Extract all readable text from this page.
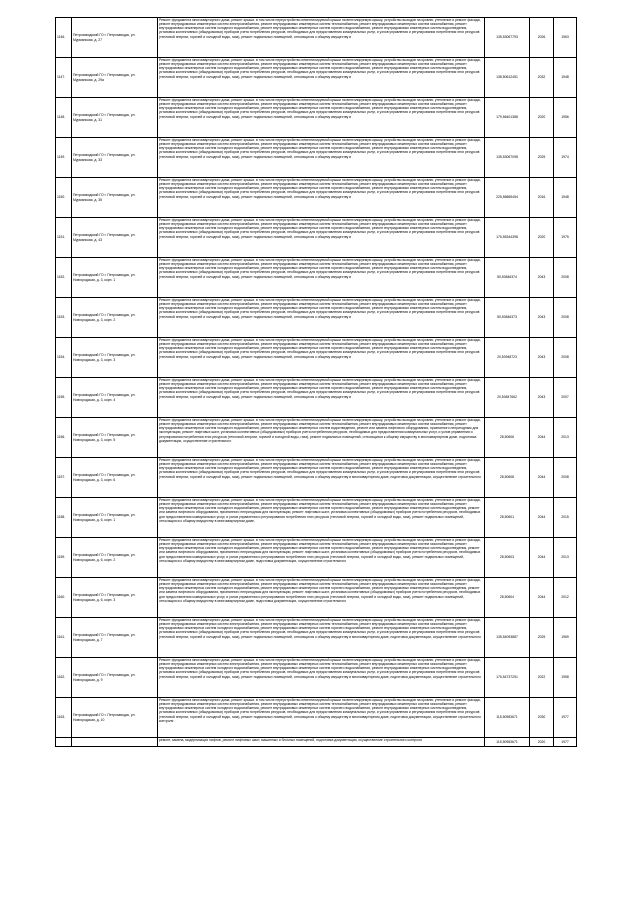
1146.	Петрозаводский ГО г. Петрозаводск, ул. Мурманская, д. 27	Ремонт фундамента многоквартирного дома, ремонт крыши, в том числе переустройство невентилируемой крыши на вентилируемую крышу, устройство выходов на кровлю, утепление и ремонт фасада, ремонт внутридомовых инженерных систем электроснабжения, ремонт внутридомовых инженерных систем теплоснабжения, ремонт внутридомовых инженерных систем газоснабжения, ремонт внутридомовых инженерных систем холодного водоснабжения, ремонт внутридомовых инженерных систем горячего водоснабжения, ремонт внутридомовых инженерных систем водоотведения, установка коллективных (общедомовых) приборов учета потребления ресурсов, необходимых для предоставления коммунальных услуг, и узлов управления и регулирования потребления этих ресурсов (тепловой энергии, горячей и холодной воды, газа), ремонт подвальных помещений, относящихся к общему имуществу в	135,53067793	2026	1963
1147.	Петрозаводский ГО г. Петрозаводск, ул. Мурманская, д. 29а	Ремонт фундамента многоквартирного дома, ремонт крыши, в том числе переустройство невентилируемой крыши на вентилируемую крышу, устройство выходов на кровлю, утепление и ремонт фасада, ремонт внутридомовых инженерных систем электроснабжения, ремонт внутридомовых инженерных систем теплоснабжения, ремонт внутридомовых инженерных систем газоснабжения, ремонт внутридомовых инженерных систем холодного водоснабжения, ремонт внутридомовых инженерных систем горячего водоснабжения, ремонт внутридомовых инженерных систем водоотведения, установка коллективных (общедомовых) приборов учета потребления ресурсов, необходимых для предоставления коммунальных услуг, и узлов управления и регулирования потребления этих ресурсов (тепловой энергии, горячей и холодной воды, газа), ремонт подвальных помещений, относящихся к общему имуществу в	138,50612451	2032	1948
1148.	Петрозаводский ГО г. Петрозаводск, ул. Мурманская, д. 31	Ремонт фундамента многоквартирного дома, ремонт крыши, в том числе переустройство невентилируемой крыши на вентилируемую крышу, устройство выходов на кровлю, утепление и ремонт фасада, ремонт внутридомовых инженерных систем электроснабжения, ремонт внутридомовых инженерных систем теплоснабжения, ремонт внутридомовых инженерных систем газоснабжения, ремонт внутридомовых инженерных систем холодного водоснабжения, ремонт внутридомовых инженерных систем горячего водоснабжения, ремонт внутридомовых инженерных систем водоотведения, установка коллективных (общедомовых) приборов учета потребления ресурсов, необходимых для предоставления коммунальных услуг, и узлов управления и регулирования потребления этих ресурсов (тепловой энергии, горячей и холодной воды, газа), ремонт подвальных помещений, относящихся к общему имуществу в	179,56401388	2020	1956
1149.	Петрозаводский ГО г. Петрозаводск, ул. Мурманская, д. 33	Ремонт фундамента многоквартирного дома, ремонт крыши, в том числе переустройство невентилируемой крыши на вентилируемую крышу, устройство выходов на кровлю, утепление и ремонт фасада, ремонт внутридомовых инженерных систем электроснабжения, ремонт внутридомовых инженерных систем теплоснабжения, ремонт внутридомовых инженерных систем газоснабжения, ремонт внутридомовых инженерных систем холодного водоснабжения, ремонт внутридомовых инженерных систем горячего водоснабжения, ремонт внутридомовых инженерных систем водоотведения, установка коллективных (общедомовых) приборов учета потребления ресурсов, необходимых для предоставления коммунальных услуг, и узлов управления и регулирования потребления этих ресурсов (тепловой энергии, горячей и холодной воды, газа), ремонт подвальных помещений, относящихся к общему имуществу в	135,53067098	2025	1974
1150.	Петрозаводский ГО г. Петрозаводск, ул. Мурманская, д. 35	Ремонт фундамента многоквартирного дома, ремонт крыши, в том числе переустройство невентилируемой крыши на вентилируемую крышу, устройство выходов на кровлю, утепление и ремонт фасада, ремонт внутридомовых инженерных систем электроснабжения, ремонт внутридомовых инженерных систем теплоснабжения, ремонт внутридомовых инженерных систем газоснабжения, ремонт внутридомовых инженерных систем холодного водоснабжения, ремонт внутридомовых инженерных систем горячего водоснабжения, ремонт внутридомовых инженерных систем водоотведения, установка коллективных (общедомовых) приборов учета потребления ресурсов, необходимых для предоставления коммунальных услуг, и узлов управления и регулирования потребления этих ресурсов (тепловой энергии, горячей и холодной воды, газа), ремонт подвальных помещений, относящихся к общему имуществу в	225,56869454	2016	1948
1151.	Петрозаводский ГО г. Петрозаводск, ул. Мурманская, д. 43	Ремонт фундамента многоквартирного дома, ремонт крыши, в том числе переустройство невентилируемой крыши на вентилируемую крышу, устройство выходов на кровлю, утепление и ремонт фасада, ремонт внутридомовых инженерных систем электроснабжения, ремонт внутридомовых инженерных систем теплоснабжения, ремонт внутридомовых инженерных систем газоснабжения, ремонт внутридомовых инженерных систем холодного водоснабжения, ремонт внутридомовых инженерных систем горячего водоснабжения, ремонт внутридомовых инженерных систем водоотведения, установка коллективных (общедомовых) приборов учета потребления ресурсов, необходимых для предоставления коммунальных услуг, и узлов управления и регулирования потребления этих ресурсов (тепловой энергии, горячей и холодной воды, газа), ремонт подвальных помещений, относящихся к общему имуществу в	175,55344398	2020	1975
1152.	Петрозаводский ГО г. Петрозаводск, ул. Новгородская, д. 3, корп. 1	Ремонт фундамента многоквартирного дома, ремонт крыши, в том числе переустройство невентилируемой крыши на вентилируемую крышу, устройство выходов на кровлю, утепление и ремонт фасада, ремонт внутридомовых инженерных систем электроснабжения, ремонт внутридомовых инженерных систем теплоснабжения, ремонт внутридомовых инженерных систем газоснабжения, ремонт внутридомовых инженерных систем холодного водоснабжения, ремонт внутридомовых инженерных систем горячего водоснабжения, ремонт внутридомовых инженерных систем водоотведения, установка коллективных (общедомовых) приборов учета потребления ресурсов, необходимых для предоставления коммунальных услуг, и узлов управления и регулирования потребления этих ресурсов (тепловой энергии, горячей и холодной воды, газа), ремонт подвальных помещений, относящихся к общему имуществу в	50,50846374	2043	2008
1153.	Петрозаводский ГО г. Петрозаводск, ул. Новгородская, д. 3, корп. 2	Ремонт фундамента многоквартирного дома, ремонт крыши, в том числе переустройство невентилируемой крыши на вентилируемую крышу, устройство выходов на кровлю, утепление и ремонт фасада, ремонт внутридомовых инженерных систем электроснабжения, ремонт внутридомовых инженерных систем теплоснабжения, ремонт внутридомовых инженерных систем газоснабжения, ремонт внутридомовых инженерных систем холодного водоснабжения, ремонт внутридомовых инженерных систем горячего водоснабжения, ремонт внутридомовых инженерных систем водоотведения, установка коллективных (общедомовых) приборов учета потребления ресурсов, необходимых для предоставления коммунальных услуг, и узлов управления и регулирования потребления этих ресурсов (тепловой энергии, горячей и холодной воды, газа), ремонт подвальных помещений, относящихся к общему имуществу в	50,50846373	2043	2008
1154.	Петрозаводский ГО г. Петрозаводск, ул. Новгородская, д. 3, корп. 3	Ремонт фундамента многоквартирного дома, ремонт крыши, в том числе переустройство невентилируемой крыши на вентилируемую крышу, устройство выходов на кровлю, утепление и ремонт фасада, ремонт внутридомовых инженерных систем электроснабжения, ремонт внутридомовых инженерных систем теплоснабжения, ремонт внутридомовых инженерных систем газоснабжения, ремонт внутридомовых инженерных систем холодного водоснабжения, ремонт внутридомовых инженерных систем горячего водоснабжения, ремонт внутридомовых инженерных систем водоотведения, установка коллективных (общедомовых) приборов учета потребления ресурсов, необходимых для предоставления коммунальных услуг, и узлов управления и регулирования потребления этих ресурсов (тепловой энергии, горячей и холодной воды, газа), ремонт подвальных помещений, относящихся к общему имуществу в	20,50948723	2043	2008
1155.	Петрозаводский ГО г. Петрозаводск, ул. Новгородская, д. 3, корп. 4	Ремонт фундамента многоквартирного дома, ремонт крыши, в том числе переустройство невентилируемой крыши на вентилируемую крышу, устройство выходов на кровлю, утепление и ремонт фасада, ремонт внутридомовых инженерных систем электроснабжения, ремонт внутридомовых инженерных систем теплоснабжения, ремонт внутридомовых инженерных систем газоснабжения, ремонт внутридомовых инженерных систем холодного водоснабжения, ремонт внутридомовых инженерных систем горячего водоснабжения, ремонт внутридомовых инженерных систем водоотведения, установка коллективных (общедомовых) приборов учета потребления ресурсов, необходимых для предоставления коммунальных услуг, и узлов управления и регулирования потребления этих ресурсов (тепловой энергии, горячей и холодной воды, газа), ремонт подвальных помещений, относящихся к общему имуществу в	20,50847662	2043	2007
1156.	Петрозаводский ГО г. Петрозаводск, ул. Новгородская, д. 3, корп. 5	Ремонт фундамента многоквартирного дома, ремонт крыши, в том числе переустройство невентилируемой крыши на вентилируемую крышу, устройство выходов на кровлю, утепление и ремонт фасада, ремонт внутридомовых инженерных систем электроснабжения, ремонт внутридомовых инженерных систем теплоснабжения, ремонт внутридомовых инженерных систем газоснабжения, ремонт внутридомовых инженерных систем холодного водоснабжения, ремонт внутридомовых инженерных систем водоотведения, ремонт или замена лифтового оборудования, признанного непригодным для эксплуатации, ремонт лифтовых шахт, установка коллективных (общедомовых) приборов учета потребления ресурсов, необходимых для предоставления коммунальных услуг, и узлов управления и регулирования потребления этих ресурсов (тепловой энергии, горячей и холодной воды, газа), ремонт подвальных помещений, относящихся к общему имуществу в многоквартирном доме, подготовка документации, осуществление строительного	28,50606	2044	2013
1157.	Петрозаводский ГО г. Петрозаводск, ул. Новгородская, д. 3, корп. 6	Ремонт фундамента многоквартирного дома, ремонт крыши, в том числе переустройство невентилируемой крыши на вентилируемую крышу, устройство выходов на кровлю, утепление и ремонт фасада, ремонт внутридомовых инженерных систем электроснабжения, ремонт внутридомовых инженерных систем теплоснабжения, ремонт внутридомовых инженерных систем газоснабжения, ремонт внутридомовых инженерных систем холодного водоснабжения, ремонт внутридомовых инженерных систем горячего водоснабжения, ремонт внутридомовых инженерных систем водоотведения, установка коллективных (общедомовых) приборов учета потребления ресурсов, необходимых для предоставления коммунальных услуг, и узлов управления и регулирования потребления этих ресурсов (тепловой энергии, горячей и холодной воды, газа), ремонт подвальных помещений, относящихся к общему имуществу в многоквартирном доме, подготовка документации, осуществление строительного	28,50608	2044	2008
1158.	Петрозаводский ГО г. Петрозаводск, ул. Новгородская, д. 6, корп. 1	Ремонт фундамента многоквартирного дома, ремонт крыши, в том числе переустройство невентилируемой крыши на вентилируемую крышу, устройство выходов на кровлю, утепление и ремонт фасада, ремонт внутридомовых инженерных систем электроснабжения, ремонт внутридомовых инженерных систем теплоснабжения, ремонт внутридомовых инженерных систем газоснабжения, ремонт внутридомовых инженерных систем холодного водоснабжения, ремонт внутридомовых инженерных систем горячего водоснабжения, ремонт внутридомовых инженерных систем водоотведения, ремонт или замена лифтового оборудования, признанного непригодным для эксплуатации, ремонт лифтовых шахт, установка коллективных (общедомовых) приборов учета потребления ресурсов, необходимых для предоставления коммунальных услуг, и узлов управления и регулирования потребления этих ресурсов (тепловой энергии, горячей и холодной воды, газа), ремонт подвальных помещений, относящихся к общему имуществу в многоквартирном доме,	28,50601	2044	2015
1159.	Петрозаводский ГО г. Петрозаводск, ул. Новгородская, д. 6, корп. 2	Ремонт фундамента многоквартирного дома, ремонт крыши, в том числе переустройство невентилируемой крыши на вентилируемую крышу, устройство выходов на кровлю, утепление и ремонт фасада, ремонт внутридомовых инженерных систем электроснабжения, ремонт внутридомовых инженерных систем теплоснабжения, ремонт внутридомовых инженерных систем газоснабжения, ремонт внутридомовых инженерных систем холодного водоснабжения, ремонт внутридомовых инженерных систем горячего водоснабжения, ремонт внутридомовых инженерных систем водоотведения, ремонт или замена лифтового оборудования, признанного непригодным для эксплуатации, ремонт лифтовых шахт, установка коллективных (общедомовых) приборов учета потребления ресурсов, необходимых для предоставления коммунальных услуг, и узлов управления и регулирования потребления этих ресурсов (тепловой энергии, горячей и холодной воды, газа), ремонт подвальных помещений, относящихся к общему имуществу в многоквартирном доме, подготовка документации, осуществление строительного	28,50603	2044	2013
1160.	Петрозаводский ГО г. Петрозаводск, ул. Новгородская, д. 6, корп. 3	Ремонт фундамента многоквартирного дома, ремонт крыши, в том числе переустройство невентилируемой крыши на вентилируемую крышу, устройство выходов на кровлю, утепление и ремонт фасада, ремонт внутридомовых инженерных систем электроснабжения, ремонт внутридомовых инженерных систем теплоснабжения, ремонт внутридомовых инженерных систем газоснабжения, ремонт внутридомовых инженерных систем холодного водоснабжения, ремонт внутридомовых инженерных систем горячего водоснабжения, ремонт внутридомовых инженерных систем водоотведения, ремонт или замена лифтового оборудования, признанного непригодным для эксплуатации, ремонт лифтовых шахт, установка коллективных (общедомовых) приборов учета потребления ресурсов, необходимых для предоставления коммунальных услуг, и узлов управления и регулирования потребления этих ресурсов (тепловой энергии, горячей и холодной воды, газа), ремонт подвальных помещений, относящихся к общему имуществу в многоквартирном доме, подготовка документации, осуществление строительного	28,50604	2044	2012
1161.	Петрозаводский ГО г. Петрозаводск, ул. Новгородская, д. 7	Ремонт фундамента многоквартирного дома, ремонт крыши, в том числе переустройство невентилируемой крыши на вентилируемую крышу, устройство выходов на кровлю, утепление и ремонт фасада, ремонт внутридомовых инженерных систем электроснабжения, ремонт внутридомовых инженерных систем теплоснабжения, ремонт внутридомовых инженерных систем газоснабжения, ремонт внутридомовых инженерных систем холодного водоснабжения, ремонт внутридомовых инженерных систем горячего водоснабжения, ремонт внутридомовых инженерных систем водоотведения, установка коллективных (общедомовых) приборов учета потребления ресурсов, необходимых для предоставления коммунальных услуг, и узлов управления и регулирования потребления этих ресурсов (тепловой энергии, горячей и холодной воды, газа), ремонт подвальных помещений, относящихся к общему имуществу в многоквартирном доме, подготовка документации, осуществление строительного	135,54093887	2025	1969
1162.	Петрозаводский ГО г. Петрозаводск, ул. Новгородская, д. 9	Ремонт фундамента многоквартирного дома, ремонт крыши, в том числе переустройство невентилируемой крыши на вентилируемую крышу, устройство выходов на кровлю, утепление и ремонт фасада, ремонт внутридомовых инженерных систем электроснабжения, ремонт внутридомовых инженерных систем теплоснабжения, ремонт внутридомовых инженерных систем газоснабжения, ремонт внутридомовых инженерных систем холодного водоснабжения, ремонт внутридомовых инженерных систем горячего водоснабжения, ремонт внутридомовых инженерных систем водоотведения, установка коллективных (общедомовых) приборов учета потребления ресурсов, необходимых для предоставления коммунальных услуг, и узлов управления и регулирования потребления этих ресурсов (тепловой энергии, горячей и холодной воды, газа), ремонт подвальных помещений, относящихся к общему имуществу в многоквартирном доме, подготовка документации, осуществление строительного	175,54737251	2022	1958
1163.	Петрозаводский ГО г. Петрозаводск, ул. Новгородская, д. 10	Ремонт фундамента многоквартирного дома, ремонт крыши, в том числе переустройство невентилируемой крыши на вентилируемую крышу, устройство выходов на кровлю, утепление и ремонт фасада, ремонт внутридомовых инженерных систем электроснабжения, ремонт внутридомовых инженерных систем теплоснабжения, ремонт внутридомовых инженерных систем газоснабжения, ремонт внутридомовых инженерных систем холодного водоснабжения, ремонт внутридомовых инженерных систем горячего водоснабжения, ремонт внутридомовых инженерных систем водоотведения, установка коллективных (общедомовых) приборов учета потребления ресурсов, необходимых для предоставления коммунальных услуг, и узлов управления и регулирования потребления этих ресурсов (тепловой энергии, горячей и холодной воды, газа), ремонт подвальных помещений, относящихся к общему имуществу в многоквартирном доме, подготовка документации, осуществление строительного контроля	115,50983671	2030	1977
		ремонт, замена, модернизация лифтов, ремонт лифтовых шахт, машинных и блочных помещений, подготовка документации, осуществление строительного контроля	115,50983671	2020	1977
